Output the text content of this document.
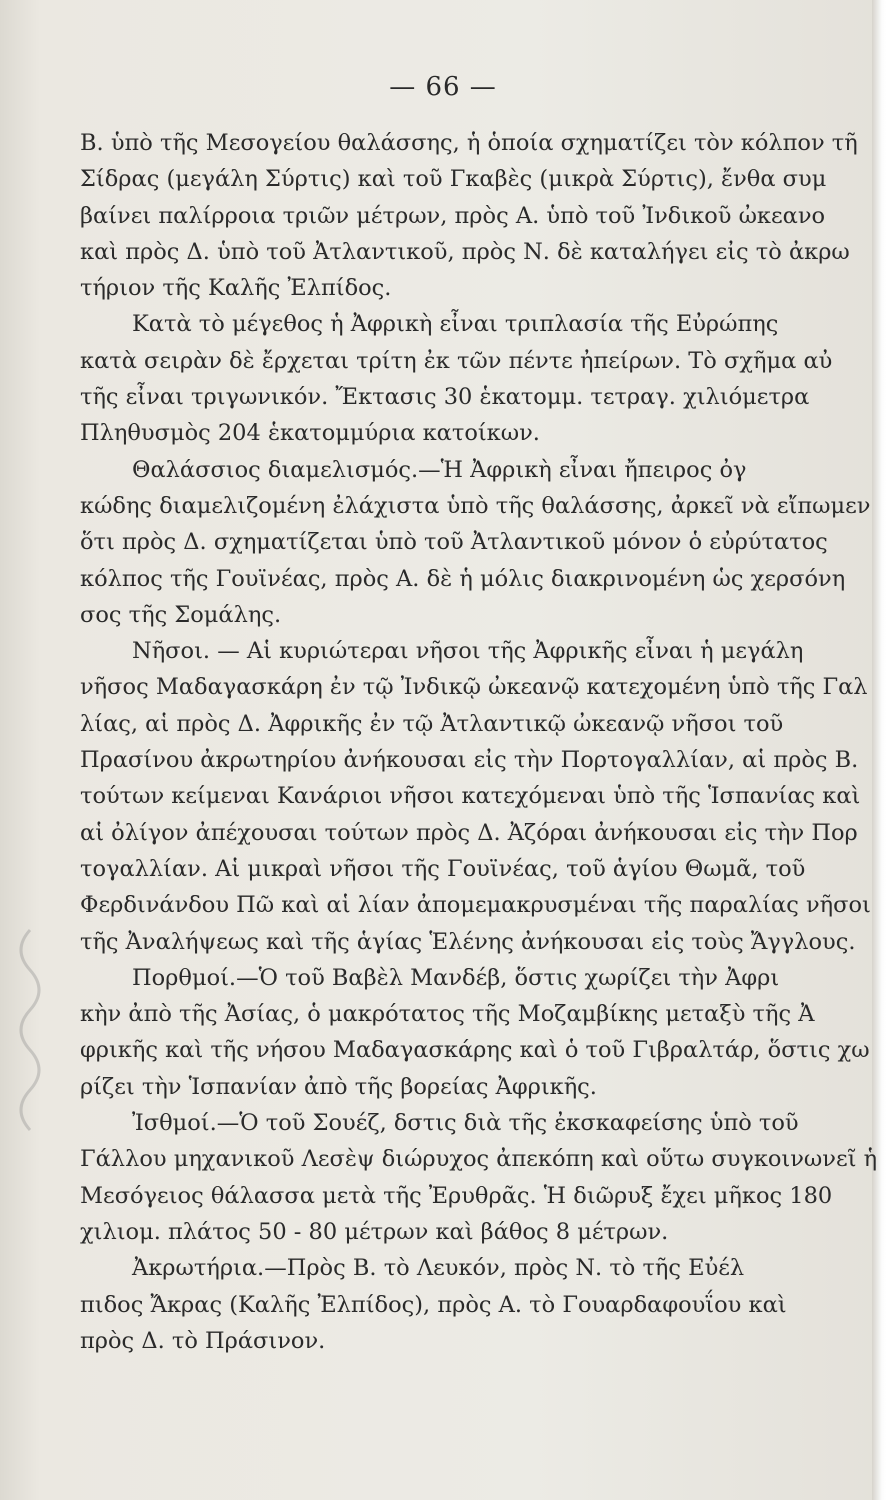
— 66 —
Β. ὑπὸ τῆς Μεσογείου θαλάσσης, ἡ ὁποία σχηματίζει τὸν κόλπον τῆ
Σίδρας (μεγάλη Σύρτις) καὶ τοῦ Γκαβὲς (μικρὰ Σύρτις), ἔνθα συμ
βαίνει παλίρροια τριῶν μέτρων, πρὸς Α. ὑπὸ τοῦ Ἰνδικοῦ ὠκεανο
καὶ πρὸς Δ. ὑπὸ τοῦ Ἀτλαντικοῦ, πρὸς Ν. δὲ καταλήγει εἰς τὸ ἀκρω
τήριον τῆς Καλῆς Ἐλπίδος.
Κατὰ τὸ μέγεθος ἡ Ἀφρικὴ εἶναι τριπλασία τῆς Εὐρώπης
κατὰ σειρὰν δὲ ἔρχεται τρίτη ἐκ τῶν πέντε ἠπείρων. Τὸ σχῆμα αὐ
τῆς εἶναι τριγωνικόν. Ἔκτασις 30 ἑκατομμ. τετραγ. χιλιόμετρα
Πληθυσμὸς 204 ἑκατομμύρια κατοίκων.
Θαλάσσιος διαμελισμός.—Ἡ Ἀφρικὴ εἶναι ἤπειρος ὀγ
κώδης διαμελιζομένη ἐλάχιστα ὑπὸ τῆς θαλάσσης, ἀρκεῖ νὰ εἴπωμεν
ὅτι πρὸς Δ. σχηματίζεται ὑπὸ τοῦ Ἀτλαντικοῦ μόνον ὁ εὐρύτατος
κόλπος τῆς Γουϊνέας, πρὸς Α. δὲ ἡ μόλις διακρινομένη ὡς χερσόνη
σος τῆς Σομάλης.
Νῆσοι. — Αἱ κυριώτεραι νῆσοι τῆς Ἀφρικῆς εἶναι ἡ μεγάλη
νῆσος Μαδαγασκάρη ἐν τῷ Ἰνδικῷ ὠκεανῷ κατεχομένη ὑπὸ τῆς Γαλ
λίας, αἱ πρὸς Δ. Ἀφρικῆς ἐν τῷ Ἀτλαντικῷ ὠκεανῷ νῆσοι τοῦ
Πρασίνου ἀκρωτηρίου ἀνήκουσαι εἰς τὴν Πορτογαλλίαν, αἱ πρὸς Β.
τούτων κείμεναι Κανάριοι νῆσοι κατεχόμεναι ὑπὸ τῆς Ἱσπανίας καὶ
αἱ ὀλίγον ἀπέχουσαι τούτων πρὸς Δ. Ἀζόραι ἀνήκουσαι εἰς τὴν Πορ
τογαλλίαν. Αἱ μικραὶ νῆσοι τῆς Γουϊνέας, τοῦ ἁγίου Θωμᾶ, τοῦ
Φερδινάνδου Πῶ καὶ αἱ λίαν ἀπομεμακρυσμέναι τῆς παραλίας νῆσοι
τῆς Ἀναλήψεως καὶ τῆς ἁγίας Ἑλένης ἀνήκουσαι εἰς τοὺς Ἄγγλους.
Πορθμοί.—Ὁ τοῦ Βαβὲλ Μανδέβ, ὅστις χωρίζει τὴν Ἀφρι
κὴν ἀπὸ τῆς Ἀσίας, ὁ μακρότατος τῆς Μοζαμβίκης μεταξὺ τῆς Ἀ
φρικῆς καὶ τῆς νήσου Μαδαγασκάρης καὶ ὁ τοῦ Γιβραλτάρ, ὅστις χω
ρίζει τὴν Ἱσπανίαν ἀπὸ τῆς βορείας Ἀφρικῆς.
Ἰσθμοί.—Ὁ τοῦ Σουέζ, δστις διὰ τῆς ἐκσκαφείσης ὑπὸ τοῦ
Γάλλου μηχανικοῦ Λεσὲψ διώρυχος ἀπεκόπη καὶ οὕτω συγκοινωνεῖ ἡ
Μεσόγειος θάλασσα μετὰ τῆς Ἐρυθρᾶς. Ἡ διῶρυξ ἔχει μῆκος 180
χιλιομ. πλάτος 50 - 80 μέτρων καὶ βάθος 8 μέτρων.
Ἀκρωτήρια.—Πρὸς Β. τὸ Λευκόν, πρὸς Ν. τὸ τῆς Εὐέλ
πιδος Ἄκρας (Καλῆς Ἐλπίδος), πρὸς Α. τὸ Γουαρδαφουΐου καὶ
πρὸς Δ. τὸ Πράσινον.
